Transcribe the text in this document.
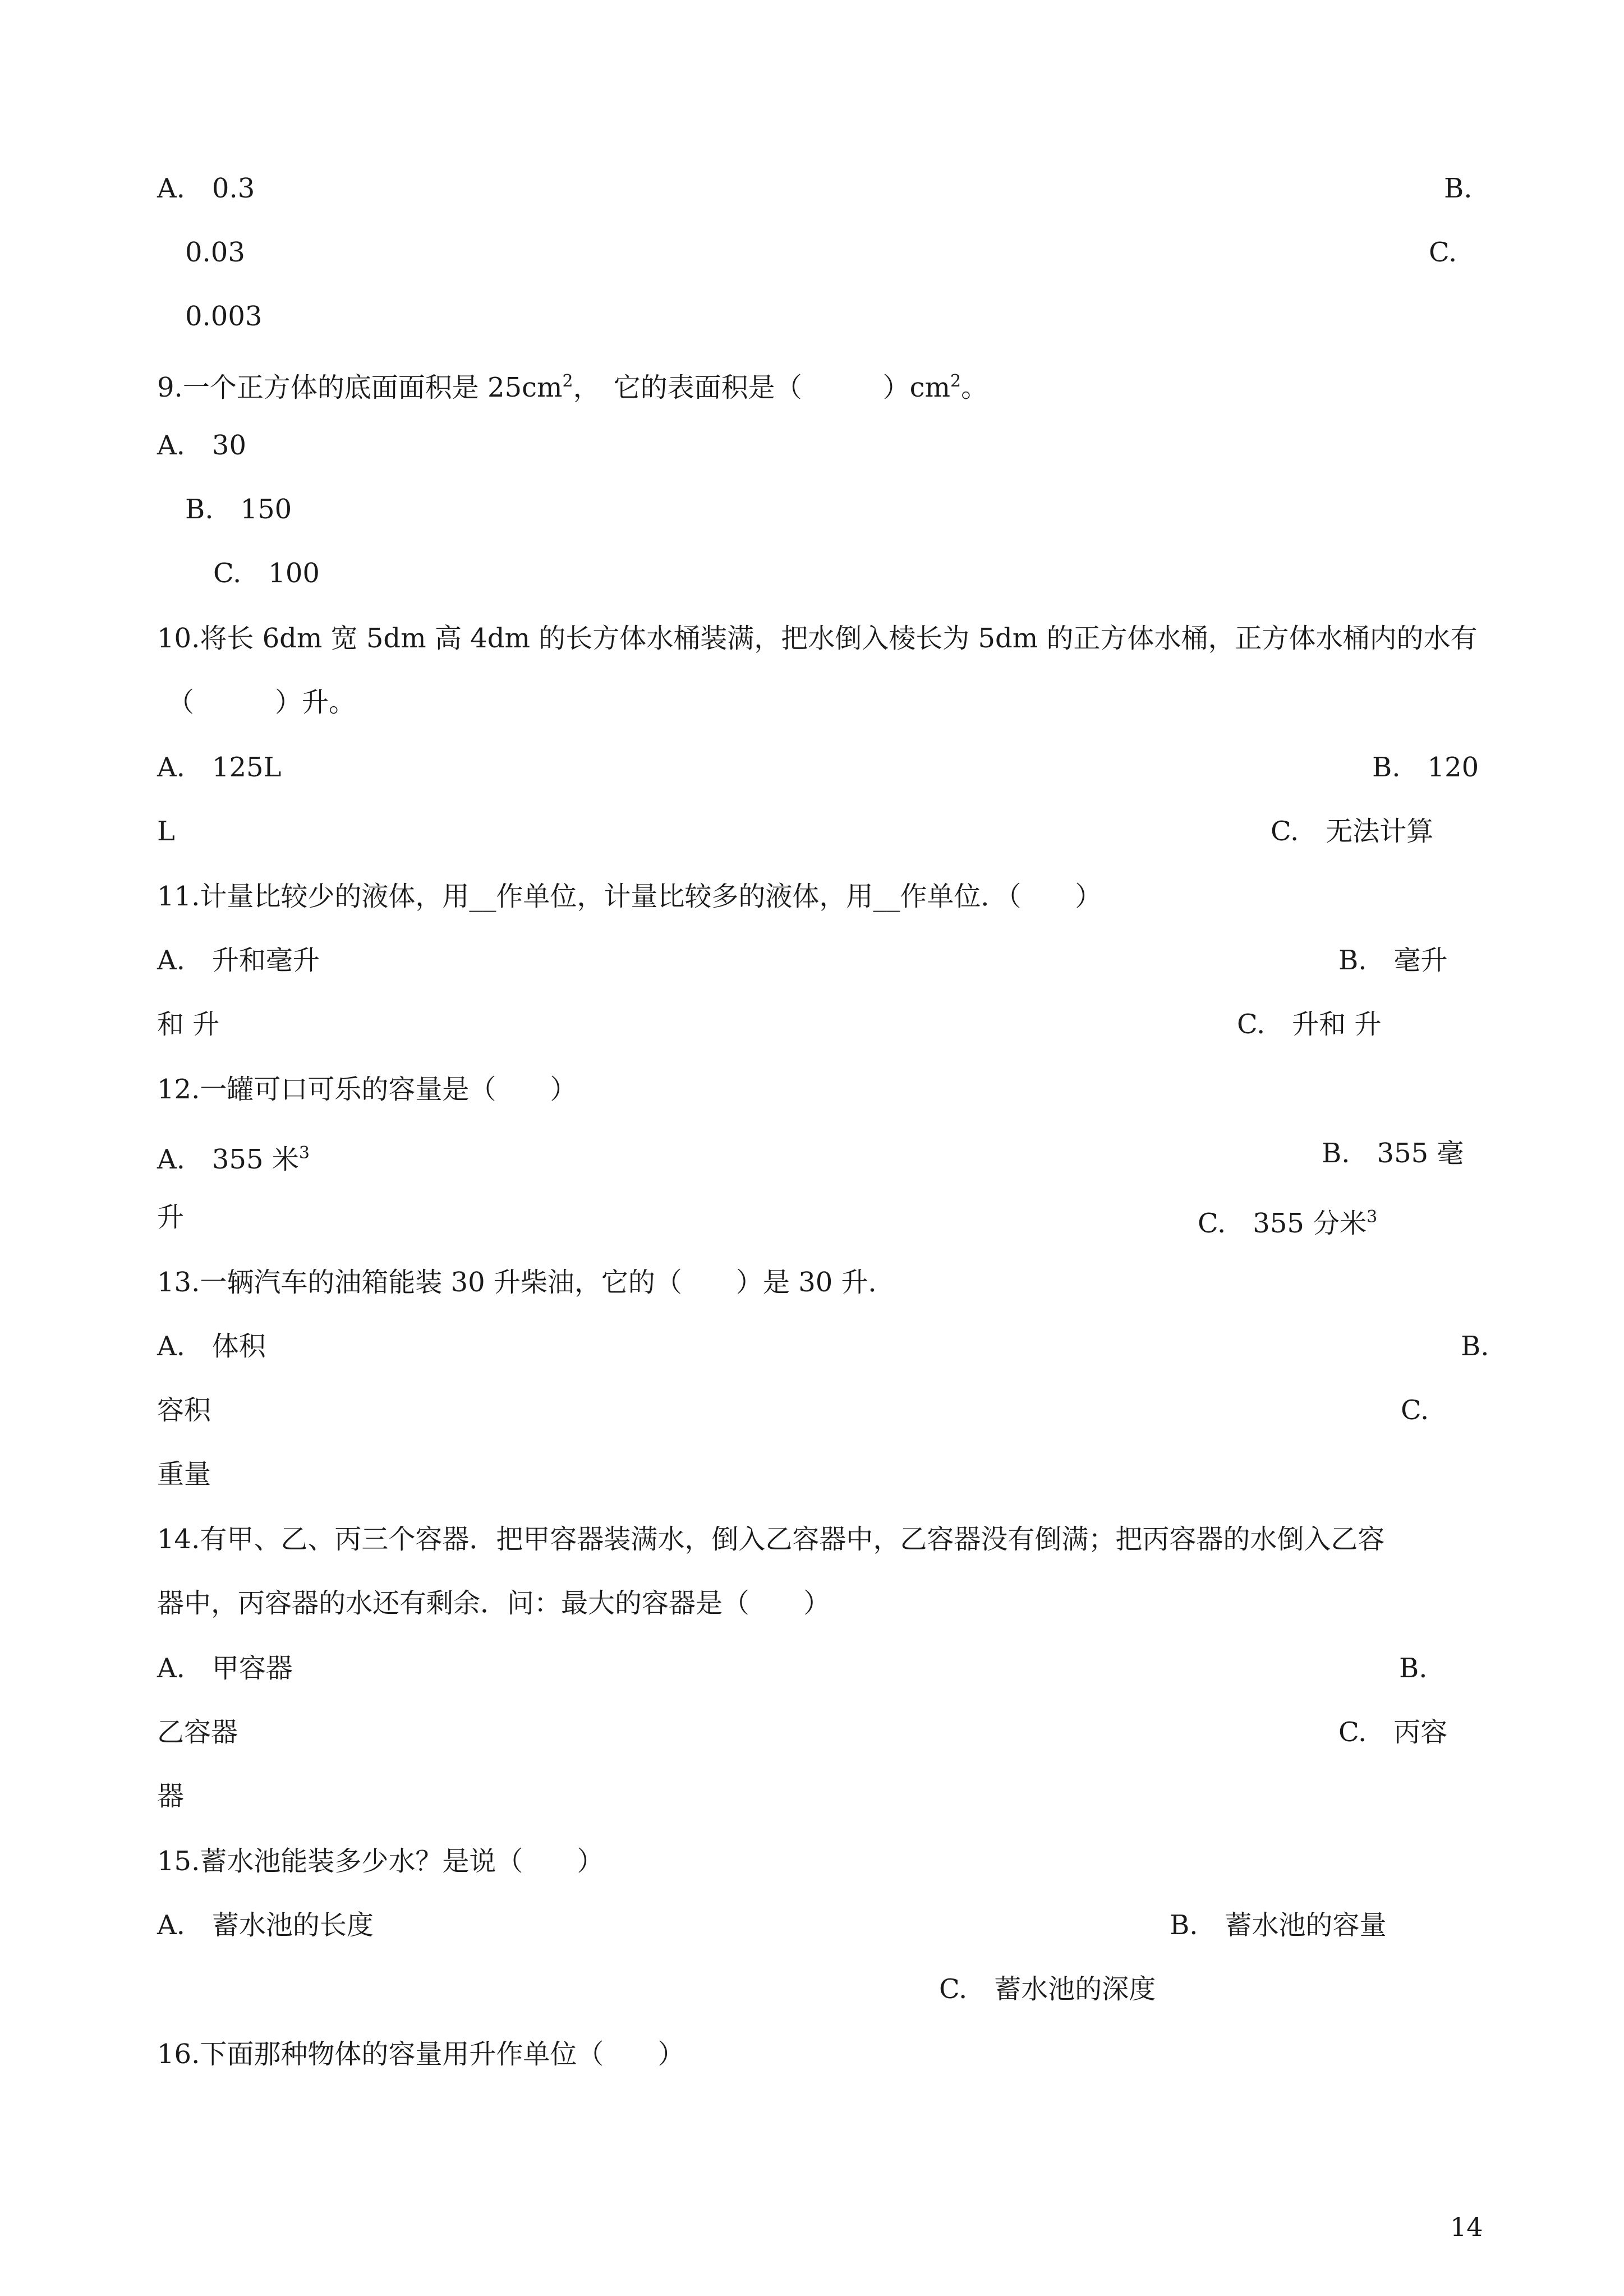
A.　0.3	B.
0.03	C.
0.003
9.一个正方体的底面面积是 $25cm^2$，　它的表面积是（　　　）$cm^2$。
A.　30
B.　150
C.　100
10.将长 6dm 宽 5dm 高 4dm 的长方体水桶装满，把水倒入棱长为 5dm 的正方体水桶，正方体水桶内的水有
（　　　）升。
A.　125L	B.　120
L	C.　无法计算
11.计量比较少的液体，用__作单位，计量比较多的液体，用__作单位．（　　）
A.　升和毫升	B.　毫升
和 升	C.　升和 升
12.一罐可口可乐的容量是（　　）
A.　355 米$^3$	B.　355 毫
升	C.　355 分米$^3$
13.一辆汽车的油箱能装 30 升柴油，它的（　　）是 30 升．
A.　体积	B.
容积	C.
重量
14.有甲、乙、丙三个容器．把甲容器装满水，倒入乙容器中，乙容器没有倒满；把丙容器的水倒入乙容
器中，丙容器的水还有剩余．问：最大的容器是（　　）
A.　甲容器	B.
乙容器	C.　丙容
器
15.蓄水池能装多少水？是说（　　）
A.　蓄水池的长度	B.　蓄水池的容量
C.　蓄水池的深度
16.下面那种物体的容量用升作单位（　　）
14
